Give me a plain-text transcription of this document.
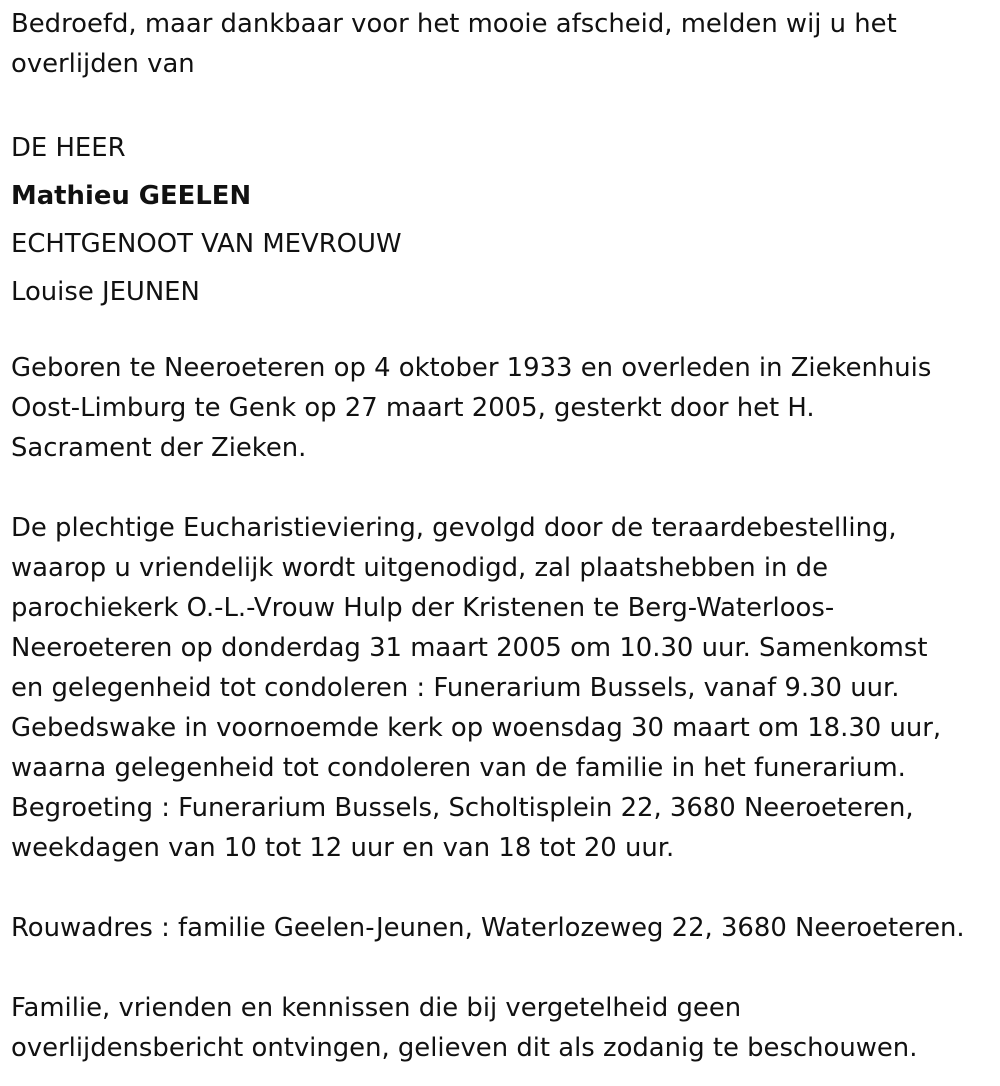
Bedroefd, maar dankbaar voor het mooie afscheid, melden wij u het
overlijden van
DE HEER
Mathieu GEELEN
ECHTGENOOT VAN MEVROUW
Louise JEUNEN
Geboren te Neeroeteren op 4 oktober 1933 en overleden in Ziekenhuis
Oost-Limburg te Genk op 27 maart 2005, gesterkt door het H.
Sacrament der Zieken.
De plechtige Eucharistieviering, gevolgd door de teraardebestelling,
waarop u vriendelijk wordt uitgenodigd, zal plaatshebben in de
parochiekerk O.-L.-Vrouw Hulp der Kristenen te Berg-Waterloos-
Neeroeteren op donderdag 31 maart 2005 om 10.30 uur. Samenkomst
en gelegenheid tot condoleren : Funerarium Bussels, vanaf 9.30 uur.
Gebedswake in voornoemde kerk op woensdag 30 maart om 18.30 uur,
waarna gelegenheid tot condoleren van de familie in het funerarium.
Begroeting : Funerarium Bussels, Scholtisplein 22, 3680 Neeroeteren,
weekdagen van 10 tot 12 uur en van 18 tot 20 uur.
Rouwadres : familie Geelen-Jeunen, Waterlozeweg 22, 3680 Neeroeteren.
Familie, vrienden en kennissen die bij vergetelheid geen
overlijdensbericht ontvingen, gelieven dit als zodanig te beschouwen.
